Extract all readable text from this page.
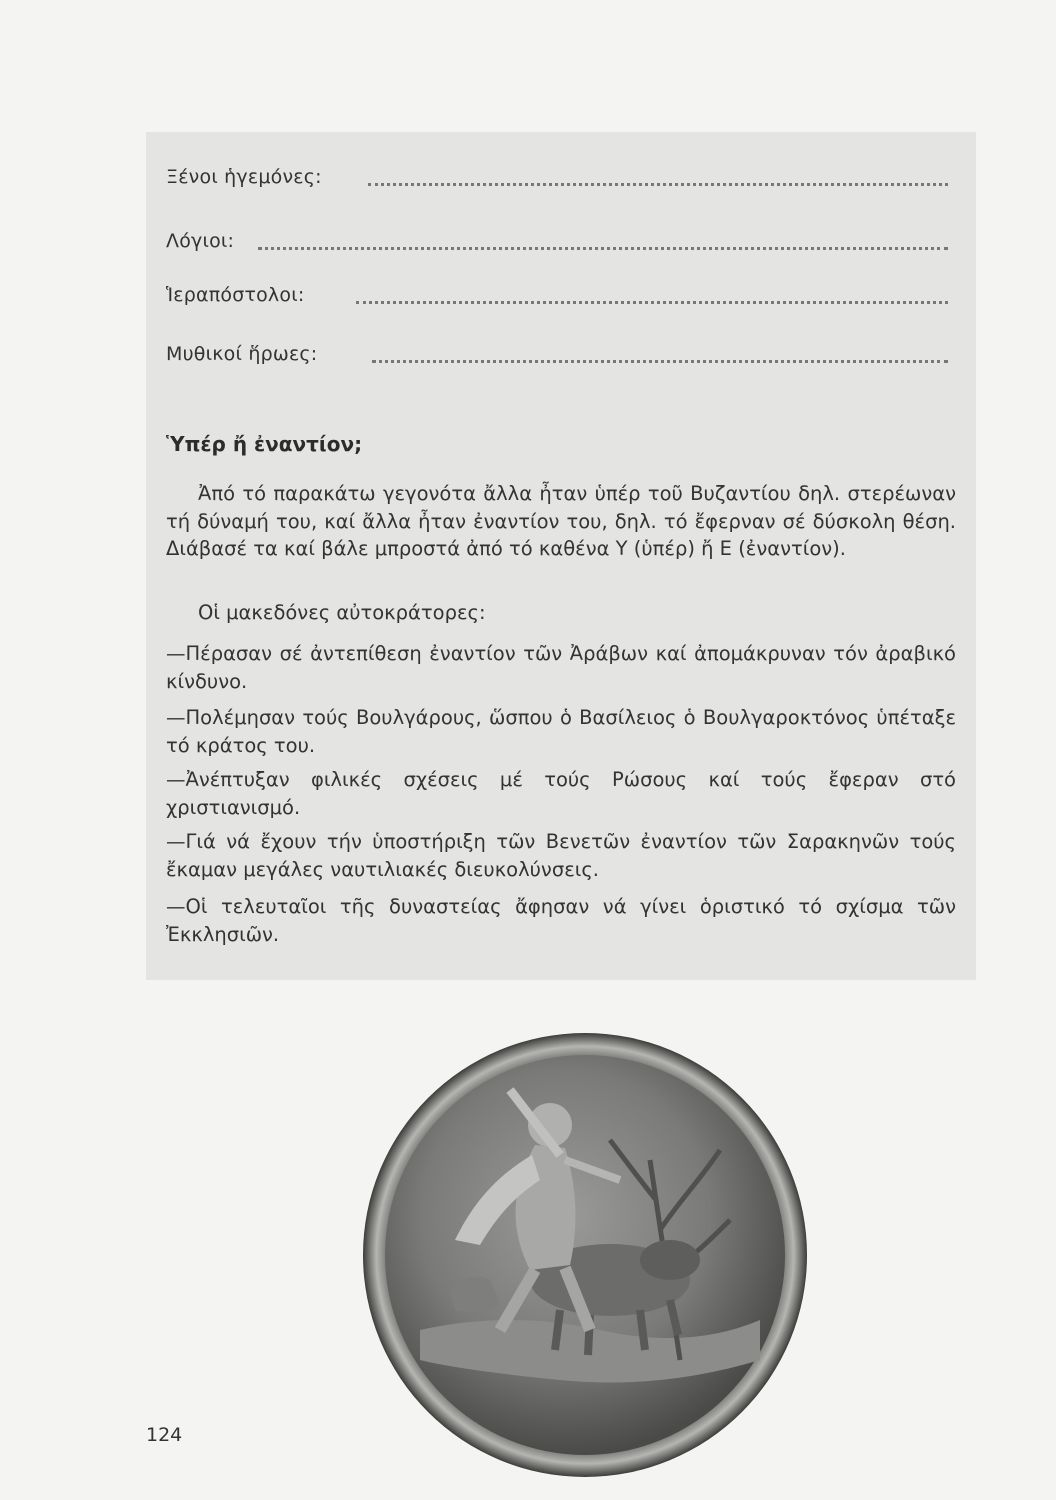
Ξένοι ἡγεμόνες:
Λόγιοι:
Ἱεραπόστολοι:
Μυθικοί ἥρωες:
Ὑπέρ ἤ ἐναντίον;
Ἀπό τό παρακάτω γεγονότα ἄλλα ἦταν ὑπέρ τοῦ Βυζαντίου δηλ. στερέωναν τή δύναμή του, καί ἄλλα ἦταν ἐναντίον του, δηλ. τό ἔφερναν σέ δύσκολη θέση. Διάβασέ τα καί βάλε μπροστά ἀπό τό καθένα Υ (ὑπέρ) ἤ Ε (ἐναντίον).
Οἱ μακεδόνες αὐτοκράτορες:
—Πέρασαν σέ ἀντεπίθεση ἐναντίον τῶν Ἀράβων καί ἀπομάκρυναν τόν ἀραβικό κίνδυνο.
—Πολέμησαν τούς Βουλγάρους, ὥσπου ὁ Βασίλειος ὁ Βουλγαροκτόνος ὑπέταξε τό κράτος του.
—Ἀνέπτυξαν φιλικές σχέσεις μέ τούς Ρώσους καί τούς ἔφεραν στό χριστιανισμό.
—Γιά νά ἔχουν τήν ὑποστήριξη τῶν Βενετῶν ἐναντίον τῶν Σαρακηνῶν τούς ἔκαμαν μεγάλες ναυτιλιακές διευκολύνσεις.
—Οἱ τελευταῖοι τῆς δυναστείας ἄφησαν νά γίνει ὁριστικό τό σχίσμα τῶν Ἐκκλησιῶν.
124
